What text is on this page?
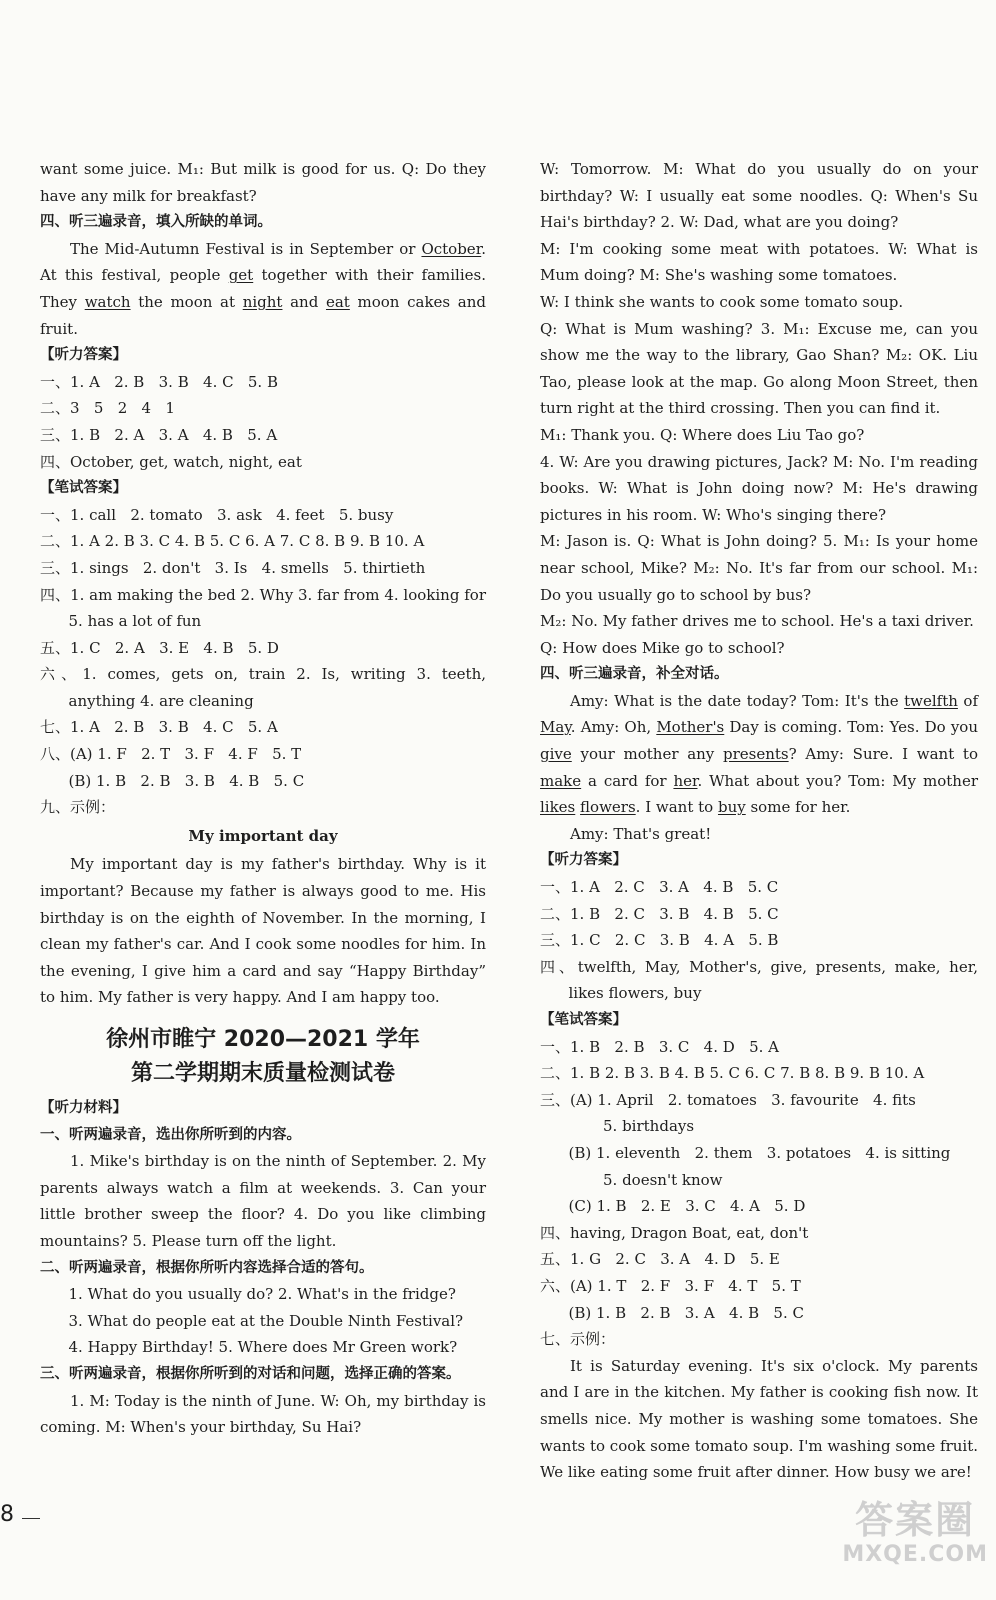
want some juice. M₁: But milk is good for us. Q: Do they have any milk for breakfast?

四、听三遍录音，填入所缺的单词。

The Mid-Autumn Festival is in September or October. At this festival, people get together with their families. They watch the moon at night and eat moon cakes and fruit.

【听力答案】

一、1. A   2. B   3. B   4. C   5. B

二、3   5   2   4   1

三、1. B   2. A   3. A   4. B   5. A

四、October, get, watch, night, eat

【笔试答案】

一、1. call   2. tomato   3. ask   4. feet   5. busy

二、1. A 2. B 3. C 4. B 5. C 6. A 7. C 8. B 9. B 10. A

三、1. sings   2. don't   3. Is   4. smells   5. thirtieth

四、1. am making the bed 2. Why 3. far from 4. looking for 5. has a lot of fun

五、1. C   2. A   3. E   4. B   5. D

六、1. comes, gets on, train 2. Is, writing 3. teeth, anything 4. are cleaning

七、1. A   2. B   3. B   4. C   5. A

八、(A) 1. F   2. T   3. F   4. F   5. T

(B) 1. B   2. B   3. B   4. B   5. C

九、示例：

My important day

My important day is my father's birthday. Why is it important? Because my father is always good to me. His birthday is on the eighth of November. In the morning, I clean my father's car. And I cook some noodles for him. In the evening, I give him a card and say “Happy Birthday” to him. My father is very happy. And I am happy too.

徐州市睢宁 2020—2021 学年
第二学期期末质量检测试卷

【听力材料】

一、听两遍录音，选出你所听到的内容。

1. Mike's birthday is on the ninth of September. 2. My parents always watch a film at weekends. 3. Can your little brother sweep the floor? 4. Do you like climbing mountains? 5. Please turn off the light.

二、听两遍录音，根据你所听内容选择合适的答句。

1. What do you usually do? 2. What's in the fridge?

3. What do people eat at the Double Ninth Festival?

4. Happy Birthday! 5. Where does Mr Green work?

三、听两遍录音，根据你所听到的对话和问题，选择正确的答案。

1. M: Today is the ninth of June. W: Oh, my birthday is coming. M: When's your birthday, Su Hai?

W: Tomorrow. M: What do you usually do on your birthday? W: I usually eat some noodles. Q: When's Su Hai's birthday? 2. W: Dad, what are you doing?

M: I'm cooking some meat with potatoes. W: What is Mum doing? M: She's washing some tomatoes.

W: I think she wants to cook some tomato soup.

Q: What is Mum washing? 3. M₁: Excuse me, can you show me the way to the library, Gao Shan? M₂: OK. Liu Tao, please look at the map. Go along Moon Street, then turn right at the third crossing. Then you can find it.

M₁: Thank you. Q: Where does Liu Tao go?

4. W: Are you drawing pictures, Jack? M: No. I'm reading books. W: What is John doing now? M: He's drawing pictures in his room. W: Who's singing there?

M: Jason is. Q: What is John doing? 5. M₁: Is your home near school, Mike? M₂: No. It's far from our school. M₁: Do you usually go to school by bus?

M₂: No. My father drives me to school. He's a taxi driver.

Q: How does Mike go to school?

四、听三遍录音，补全对话。

Amy: What is the date today? Tom: It's the twelfth of May. Amy: Oh, Mother's Day is coming. Tom: Yes. Do you give your mother any presents? Amy: Sure. I want to make a card for her. What about you? Tom: My mother likes flowers. I want to buy some for her.

Amy: That's great!

【听力答案】

一、1. A   2. C   3. A   4. B   5. C

二、1. B   2. C   3. B   4. B   5. C

三、1. C   2. C   3. B   4. A   5. B

四、twelfth, May, Mother's, give, presents, make, her, likes flowers, buy

【笔试答案】

一、1. B   2. B   3. C   4. D   5. A

二、1. B 2. B 3. B 4. B 5. C 6. C 7. B 8. B 9. B 10. A

三、(A) 1. April   2. tomatoes   3. favourite   4. fits

5. birthdays

(B) 1. eleventh   2. them   3. potatoes   4. is sitting

5. doesn't know

(C) 1. B   2. E   3. C   4. A   5. D

四、having, Dragon Boat, eat, don't

五、1. G   2. C   3. A   4. D   5. E

六、(A) 1. T   2. F   3. F   4. T   5. T

(B) 1. B   2. B   3. A   4. B   5. C

七、示例：

It is Saturday evening. It's six o'clock. My parents and I are in the kitchen. My father is cooking fish now. It smells nice. My mother is washing some tomatoes. She wants to cook some tomato soup. I'm washing some fruit. We like eating some fruit after dinner. How busy we are!

8	答案圈
MXQE.COM
